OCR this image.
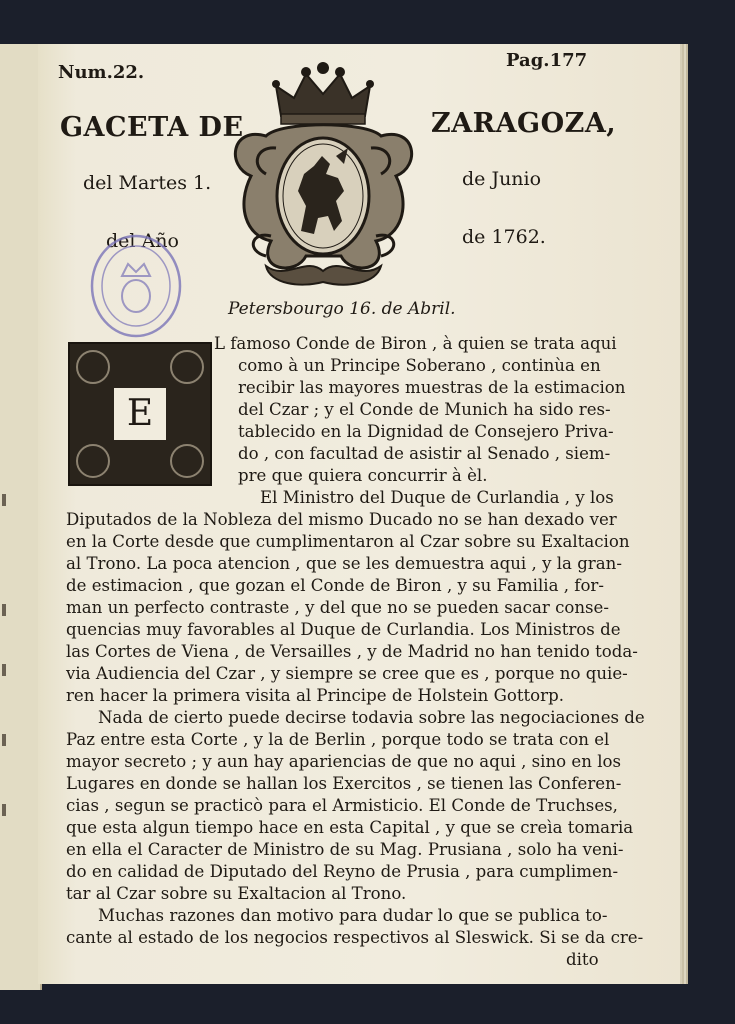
Num.22.
Pag.177
GACETA DE	ZARAGOZA,
del Martes 1.	de Junio
del Año	de 1762.
Petersbourgo 16. de Abril.
E
L famoso Conde de Biron , à quien se trata aqui
como à un Principe Soberano , continùa en
recibir las mayores muestras de la estimacion
del Czar ; y el Conde de Munich ha sido res-
tablecido en la Dignidad de Consejero Priva-
do , con facultad de asistir al Senado , siem-
pre que quiera concurrir à èl.
El Ministro del Duque de Curlandia , y los
Diputados de la Nobleza del mismo Ducado no se han dexado ver
en la Corte desde que cumplimentaron al Czar sobre su Exaltacion
al Trono. La poca atencion , que se les demuestra aqui , y la gran-
de estimacion , que gozan el Conde de Biron , y su Familia , for-
man un perfecto contraste , y del que no se pueden sacar conse-
quencias muy favorables al Duque de Curlandia. Los Ministros de
las Cortes de Viena , de Versailles , y de Madrid no han tenido toda-
via Audiencia del Czar , y siempre se cree que es , porque no quie-
ren hacer la primera visita al Principe de Holstein Gottorp.
Nada de cierto puede decirse todavia sobre las negociaciones de
Paz entre esta Corte , y la de Berlin , porque todo se trata con el
mayor secreto ; y aun hay apariencias de que no aqui , sino en los
Lugares en donde se hallan los Exercitos , se tienen las Conferen-
cias , segun se practicò para el Armisticio. El Conde de Truchses,
que esta algun tiempo hace en esta Capital , y que se creìa tomaria
en ella el Caracter de Ministro de su Mag. Prusiana , solo ha veni-
do en calidad de Diputado del Reyno de Prusia , para cumplimen-
tar al Czar sobre su Exaltacion al Trono.
Muchas razones dan motivo para dudar lo que se publica to-
cante al estado de los negocios respectivos al Sleswick. Si se da cre-
dito
